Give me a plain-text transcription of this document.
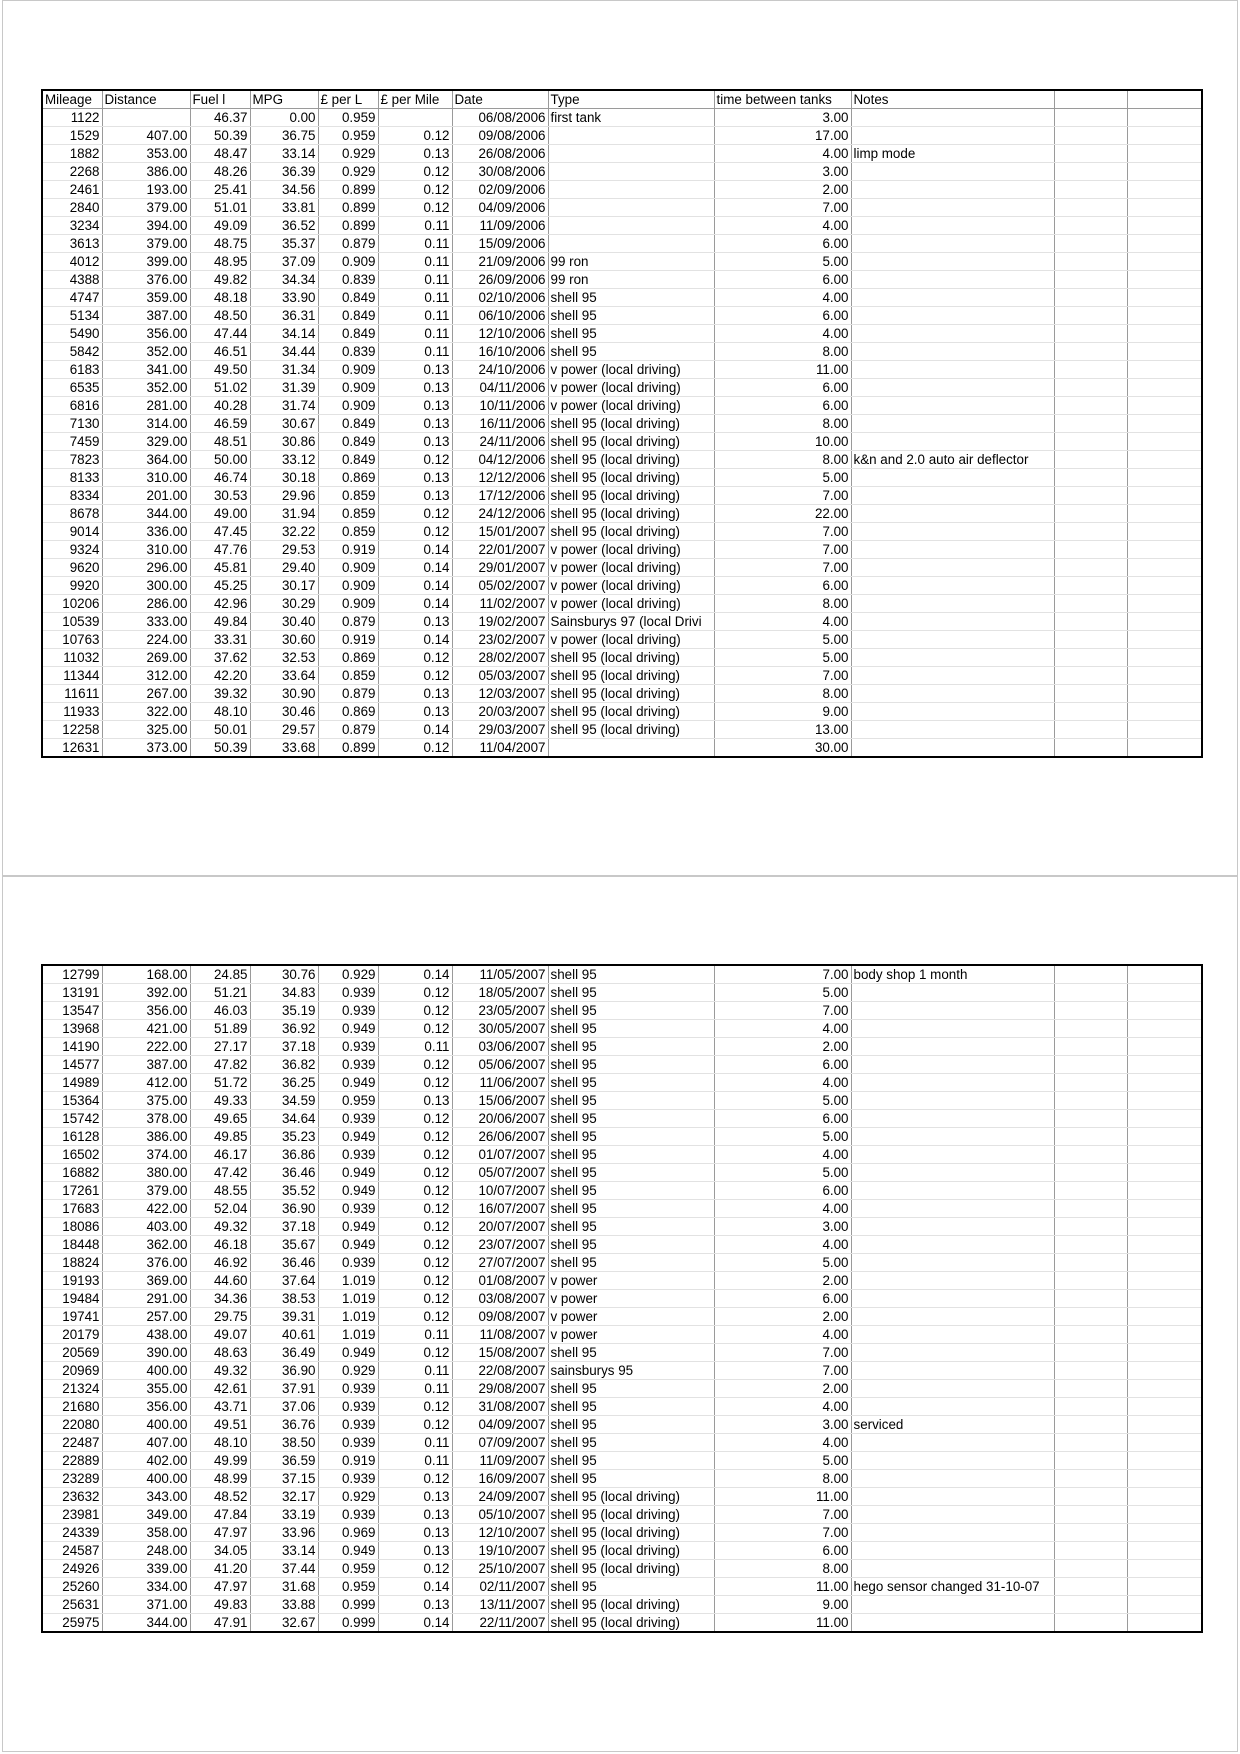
Mileage	Distance	Fuel l	MPG	£ per L	£ per Mile	Date	Type	time between tanks	Notes		
1122		46.37	0.00	0.959		06/08/2006	first tank	3.00			
1529	407.00	50.39	36.75	0.959	0.12	09/08/2006		17.00			
1882	353.00	48.47	33.14	0.929	0.13	26/08/2006		4.00	limp mode		
2268	386.00	48.26	36.39	0.929	0.12	30/08/2006		3.00			
2461	193.00	25.41	34.56	0.899	0.12	02/09/2006		2.00			
2840	379.00	51.01	33.81	0.899	0.12	04/09/2006		7.00			
3234	394.00	49.09	36.52	0.899	0.11	11/09/2006		4.00			
3613	379.00	48.75	35.37	0.879	0.11	15/09/2006		6.00			
4012	399.00	48.95	37.09	0.909	0.11	21/09/2006	99 ron	5.00			
4388	376.00	49.82	34.34	0.839	0.11	26/09/2006	99 ron	6.00			
4747	359.00	48.18	33.90	0.849	0.11	02/10/2006	shell 95	4.00			
5134	387.00	48.50	36.31	0.849	0.11	06/10/2006	shell 95	6.00			
5490	356.00	47.44	34.14	0.849	0.11	12/10/2006	shell 95	4.00			
5842	352.00	46.51	34.44	0.839	0.11	16/10/2006	shell 95	8.00			
6183	341.00	49.50	31.34	0.909	0.13	24/10/2006	v power (local driving)	11.00			
6535	352.00	51.02	31.39	0.909	0.13	04/11/2006	v power (local driving)	6.00			
6816	281.00	40.28	31.74	0.909	0.13	10/11/2006	v power (local driving)	6.00			
7130	314.00	46.59	30.67	0.849	0.13	16/11/2006	shell 95 (local driving)	8.00			
7459	329.00	48.51	30.86	0.849	0.13	24/11/2006	shell 95 (local driving)	10.00			
7823	364.00	50.00	33.12	0.849	0.12	04/12/2006	shell 95 (local driving)	8.00	k&n and 2.0 auto air deflector		
8133	310.00	46.74	30.18	0.869	0.13	12/12/2006	shell 95 (local driving)	5.00			
8334	201.00	30.53	29.96	0.859	0.13	17/12/2006	shell 95 (local driving)	7.00			
8678	344.00	49.00	31.94	0.859	0.12	24/12/2006	shell 95 (local driving)	22.00			
9014	336.00	47.45	32.22	0.859	0.12	15/01/2007	shell 95 (local driving)	7.00			
9324	310.00	47.76	29.53	0.919	0.14	22/01/2007	v power (local driving)	7.00			
9620	296.00	45.81	29.40	0.909	0.14	29/01/2007	v power (local driving)	7.00			
9920	300.00	45.25	30.17	0.909	0.14	05/02/2007	v power (local driving)	6.00			
10206	286.00	42.96	30.29	0.909	0.14	11/02/2007	v power (local driving)	8.00			
10539	333.00	49.84	30.40	0.879	0.13	19/02/2007	Sainsburys 97 (local Drivi	4.00			
10763	224.00	33.31	30.60	0.919	0.14	23/02/2007	v power (local driving)	5.00			
11032	269.00	37.62	32.53	0.869	0.12	28/02/2007	shell 95 (local driving)	5.00			
11344	312.00	42.20	33.64	0.859	0.12	05/03/2007	shell 95 (local driving)	7.00			
11611	267.00	39.32	30.90	0.879	0.13	12/03/2007	shell 95 (local driving)	8.00			
11933	322.00	48.10	30.46	0.869	0.13	20/03/2007	shell 95 (local driving)	9.00			
12258	325.00	50.01	29.57	0.879	0.14	29/03/2007	shell 95 (local driving)	13.00			
12631	373.00	50.39	33.68	0.899	0.12	11/04/2007		30.00			
12799	168.00	24.85	30.76	0.929	0.14	11/05/2007	shell 95	7.00	body shop 1 month		
13191	392.00	51.21	34.83	0.939	0.12	18/05/2007	shell 95	5.00			
13547	356.00	46.03	35.19	0.939	0.12	23/05/2007	shell 95	7.00			
13968	421.00	51.89	36.92	0.949	0.12	30/05/2007	shell 95	4.00			
14190	222.00	27.17	37.18	0.939	0.11	03/06/2007	shell 95	2.00			
14577	387.00	47.82	36.82	0.939	0.12	05/06/2007	shell 95	6.00			
14989	412.00	51.72	36.25	0.949	0.12	11/06/2007	shell 95	4.00			
15364	375.00	49.33	34.59	0.959	0.13	15/06/2007	shell 95	5.00			
15742	378.00	49.65	34.64	0.939	0.12	20/06/2007	shell 95	6.00			
16128	386.00	49.85	35.23	0.949	0.12	26/06/2007	shell 95	5.00			
16502	374.00	46.17	36.86	0.939	0.12	01/07/2007	shell 95	4.00			
16882	380.00	47.42	36.46	0.949	0.12	05/07/2007	shell 95	5.00			
17261	379.00	48.55	35.52	0.949	0.12	10/07/2007	shell 95	6.00			
17683	422.00	52.04	36.90	0.939	0.12	16/07/2007	shell 95	4.00			
18086	403.00	49.32	37.18	0.949	0.12	20/07/2007	shell 95	3.00			
18448	362.00	46.18	35.67	0.949	0.12	23/07/2007	shell 95	4.00			
18824	376.00	46.92	36.46	0.939	0.12	27/07/2007	shell 95	5.00			
19193	369.00	44.60	37.64	1.019	0.12	01/08/2007	v power	2.00			
19484	291.00	34.36	38.53	1.019	0.12	03/08/2007	v power	6.00			
19741	257.00	29.75	39.31	1.019	0.12	09/08/2007	v power	2.00			
20179	438.00	49.07	40.61	1.019	0.11	11/08/2007	v power	4.00			
20569	390.00	48.63	36.49	0.949	0.12	15/08/2007	shell 95	7.00			
20969	400.00	49.32	36.90	0.929	0.11	22/08/2007	sainsburys 95	7.00			
21324	355.00	42.61	37.91	0.939	0.11	29/08/2007	shell 95	2.00			
21680	356.00	43.71	37.06	0.939	0.12	31/08/2007	shell 95	4.00			
22080	400.00	49.51	36.76	0.939	0.12	04/09/2007	shell 95	3.00	serviced		
22487	407.00	48.10	38.50	0.939	0.11	07/09/2007	shell 95	4.00			
22889	402.00	49.99	36.59	0.919	0.11	11/09/2007	shell 95	5.00			
23289	400.00	48.99	37.15	0.939	0.12	16/09/2007	shell 95	8.00			
23632	343.00	48.52	32.17	0.929	0.13	24/09/2007	shell 95 (local driving)	11.00			
23981	349.00	47.84	33.19	0.939	0.13	05/10/2007	shell 95 (local driving)	7.00			
24339	358.00	47.97	33.96	0.969	0.13	12/10/2007	shell 95 (local driving)	7.00			
24587	248.00	34.05	33.14	0.949	0.13	19/10/2007	shell 95 (local driving)	6.00			
24926	339.00	41.20	37.44	0.959	0.12	25/10/2007	shell 95 (local driving)	8.00			
25260	334.00	47.97	31.68	0.959	0.14	02/11/2007	shell 95	11.00	hego sensor changed 31-10-07		
25631	371.00	49.83	33.88	0.999	0.13	13/11/2007	shell 95 (local driving)	9.00			
25975	344.00	47.91	32.67	0.999	0.14	22/11/2007	shell 95 (local driving)	11.00			
